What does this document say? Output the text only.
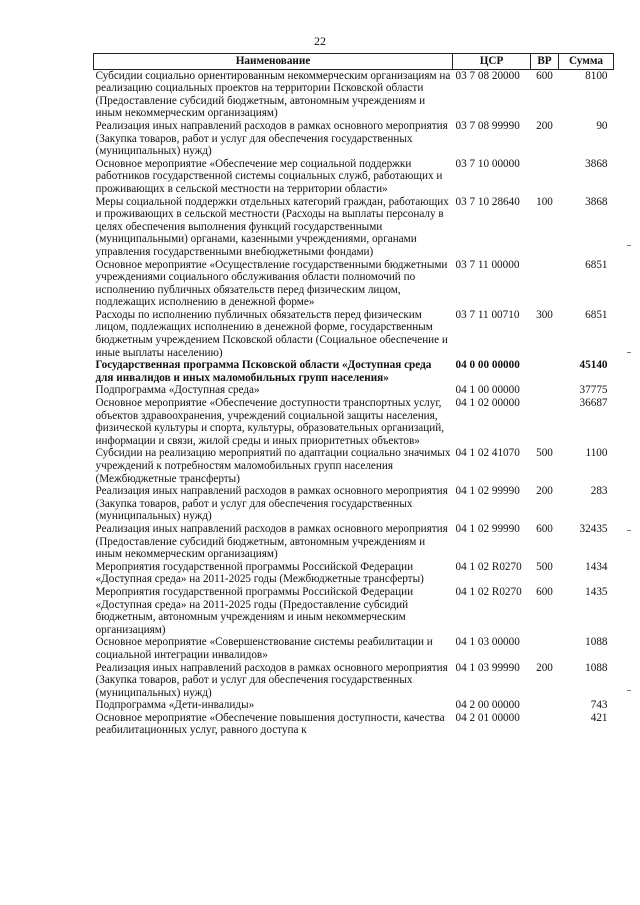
22
Наименование	ЦСР	ВР	Сумма
Субсидии социально ориентированным некоммерческим организациям на реализацию социальных проектов на территории Псковской области (Предоставление субсидий бюджетным, автономным учреждениям и иным некоммерческим организациям)	03 7 08 20000	600	8100
Реализация иных направлений расходов в рамках основного мероприятия (Закупка товаров, работ и услуг для обеспечения государственных (муниципальных) нужд)	03 7 08 99990	200	90
Основное мероприятие «Обеспечение мер социальной поддержки работников государственной системы социальных служб, работающих и проживающих в сельской местности на территории области»	03 7 10 00000		3868
Меры социальной поддержки отдельных категорий граждан, работающих и проживающих в сельской местности (Расходы на выплаты персоналу в целях обеспечения выполнения функций государственными (муниципальными) органами, казенными учреждениями, органами управления государственными внебюджетными фондами)	03 7 10 28640	100	3868
Основное мероприятие «Осуществление государственными бюджетными учреждениями социального обслуживания области полномочий по исполнению публичных обязательств перед физическим лицом, подлежащих исполнению в денежной форме»	03 7 11 00000		6851
Расходы по исполнению публичных обязательств перед физическим лицом, подлежащих исполнению в денежной форме, государственным бюджетным учреждением Псковской области (Социальное обеспечение и иные выплаты населению)	03 7 11 00710	300	6851
Государственная программа Псковской области «Доступная среда для инвалидов и иных маломобильных групп населения»	04 0 00 00000		45140
Подпрограмма «Доступная среда»	04 1 00 00000		37775
Основное мероприятие «Обеспечение доступности транспортных услуг, объектов здравоохранения, учреждений социальной защиты населения, физической культуры и спорта, культуры, образовательных организаций, информации и связи, жилой среды и иных приоритетных объектов»	04 1 02 00000		36687
Субсидии на реализацию мероприятий по адаптации социально значимых учреждений к потребностям маломобильных групп населения (Межбюджетные трансферты)	04 1 02 41070	500	1100
Реализация иных направлений расходов в рамках основного мероприятия (Закупка товаров, работ и услуг для обеспечения государственных (муниципальных) нужд)	04 1 02 99990	200	283
Реализация иных направлений расходов в рамках основного мероприятия (Предоставление субсидий бюджетным, автономным учреждениям и иным некоммерческим организациям)	04 1 02 99990	600	32435
Мероприятия государственной программы Российской Федерации «Доступная среда» на 2011-2025 годы (Межбюджетные трансферты)	04 1 02 R0270	500	1434
Мероприятия государственной программы Российской Федерации «Доступная среда» на 2011-2025 годы (Предоставление субсидий бюджетным, автономным учреждениям и иным некоммерческим организациям)	04 1 02 R0270	600	1435
Основное мероприятие «Совершенствование системы реабилитации и социальной интеграции инвалидов»	04 1 03 00000		1088
Реализация иных направлений расходов в рамках основного мероприятия (Закупка товаров, работ и услуг для обеспечения государственных (муниципальных) нужд)	04 1 03 99990	200	1088
Подпрограмма «Дети-инвалиды»	04 2 00 00000		743
Основное мероприятие «Обеспечение повышения доступности, качества реабилитационных услуг, равного доступа к	04 2 01 00000		421
